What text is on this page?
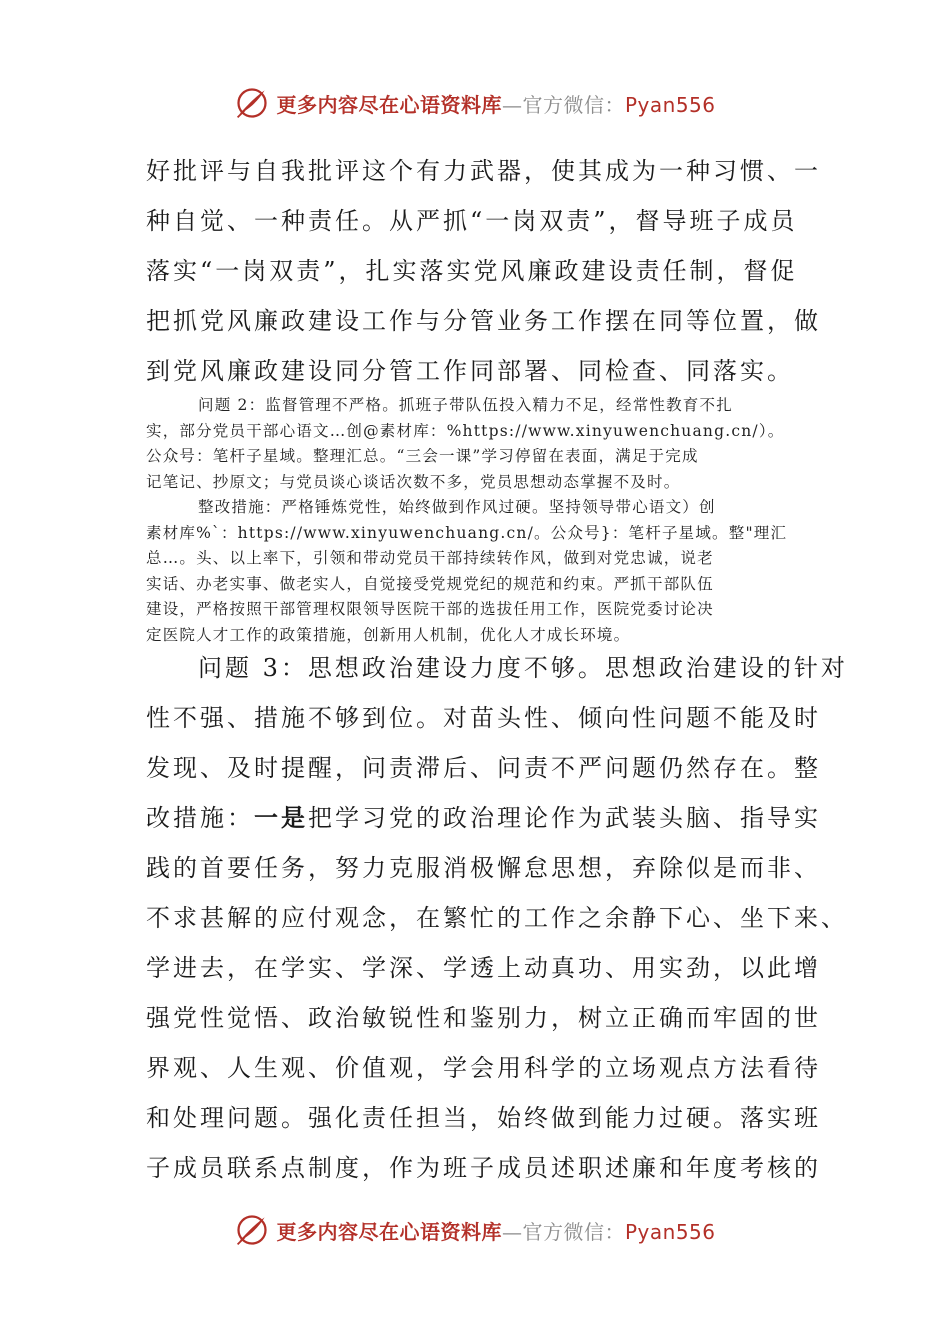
更多内容尽在心语资料库—官方微信：Pyan556
好批评与自我批评这个有力武器，使其成为一种习惯、一
种自觉、一种责任。从严抓“一岗双责”，督导班子成员
落实“一岗双责”，扎实落实党风廉政建设责任制，督促
把抓党风廉政建设工作与分管业务工作摆在同等位置，做
到党风廉政建设同分管工作同部署、同检查、同落实。
问题 2：监督管理不严格。抓班子带队伍投入精力不足，经常性教育不扎
实，部分党员干部心语文…创@素材库：%https://www.xinyuwenchuang.cn/）。
公众号：笔杆子星域。整理汇总。“三会一课”学习停留在表面，满足于完成
记笔记、抄原文；与党员谈心谈话次数不多，党员思想动态掌握不及时。
整改措施：严格锤炼党性，始终做到作风过硬。坚持领导带心语文）创
素材库%`：https://www.xinyuwenchuang.cn/。公众号}：笔杆子星域。整"理汇
总…。头、以上率下，引领和带动党员干部持续转作风，做到对党忠诚，说老
实话、办老实事、做老实人，自觉接受党规党纪的规范和约束。严抓干部队伍
建设，严格按照干部管理权限领导医院干部的选拔任用工作，医院党委讨论决
定医院人才工作的政策措施，创新用人机制，优化人才成长环境。
问题 3：思想政治建设力度不够。思想政治建设的针对
性不强、措施不够到位。对苗头性、倾向性问题不能及时
发现、及时提醒，问责滞后、问责不严问题仍然存在。整
改措施：一是把学习党的政治理论作为武装头脑、指导实
践的首要任务，努力克服消极懈怠思想，弃除似是而非、
不求甚解的应付观念，在繁忙的工作之余静下心、坐下来、
学进去，在学实、学深、学透上动真功、用实劲，以此增
强党性觉悟、政治敏锐性和鉴别力，树立正确而牢固的世
界观、人生观、价值观，学会用科学的立场观点方法看待
和处理问题。强化责任担当，始终做到能力过硬。落实班
子成员联系点制度，作为班子成员述职述廉和年度考核的
更多内容尽在心语资料库—官方微信：Pyan556
